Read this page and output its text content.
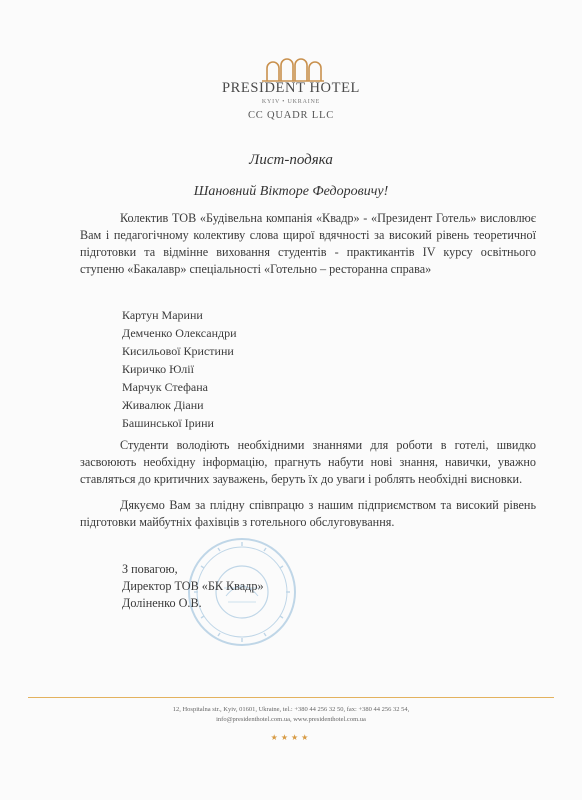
PRESIDENT HOTEL
KYIV • UKRAINE
CC QUADR LLC
Лист-подяка
Шановний Вікторе Федоровичу!
Колектив ТОВ «Будівельна компанія «Квадр» - «Президент Готель» висловлює Вам і педагогічному колективу слова щирої вдячності за високий рівень теоретичної підготовки та відмінне виховання студентів - практикантів IV курсу освітнього ступеню «Бакалавр» спеціальності «Готельно – ресторанна справа»
Картун Марини
Демченко Олександри
Кисильової Кристини
Киричко Юлії
Марчук Стефана
Живалюк Діани
Башинської Ірини
Студенти володіють необхідними знаннями для роботи в готелі, швидко засвоюють необхідну інформацію, прагнуть набути нові знання, навички, уважно ставляться до критичних зауважень, беруть їх до уваги і роблять необхідні висновки.
Дякуємо Вам за плідну співпрацю з нашим підприємством та високий рівень підготовки майбутніх фахівців з готельного обслуговування.
З повагою,
Директор ТОВ «БК Квадр»
Доліненко О.В.
12, Hospitalna str., Kyiv, 01601, Ukraine, tel.: +380 44 256 32 50, fax: +380 44 256 32 54,
info@presidenthotel.com.ua, www.presidenthotel.com.ua
★★★★
